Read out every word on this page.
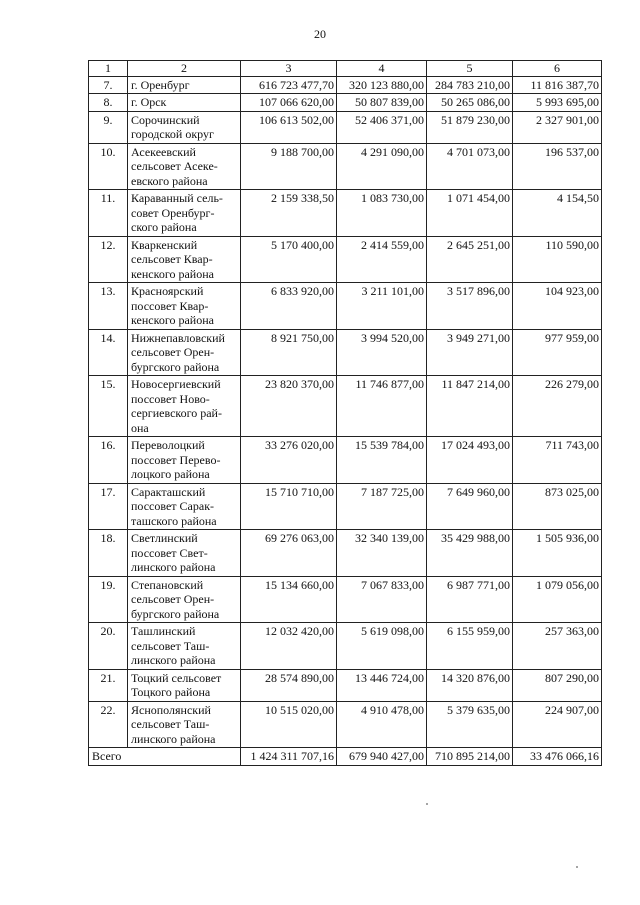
20
1	2	3	4	5	6
7.	г. Оренбург	616 723 477,70	320 123 880,00	284 783 210,00	11 816 387,70
8.	г. Орск	107 066 620,00	50 807 839,00	50 265 086,00	5 993 695,00
9.	Сорочинский
городской округ	106 613 502,00	52 406 371,00	51 879 230,00	2 327 901,00
10.	Асекеевский
сельсовет Асеке-
евского района	9 188 700,00	4 291 090,00	4 701 073,00	196 537,00
11.	Караванный сель-
совет Оренбург-
ского района	2 159 338,50	1 083 730,00	1 071 454,00	4 154,50
12.	Кваркенский
сельсовет Квар-
кенского района	5 170 400,00	2 414 559,00	2 645 251,00	110 590,00
13.	Красноярский
поссовет Квар-
кенского района	6 833 920,00	3 211 101,00	3 517 896,00	104 923,00
14.	Нижнепавловский
сельсовет Орен-
бургского района	8 921 750,00	3 994 520,00	3 949 271,00	977 959,00
15.	Новосергиевский
поссовет Ново-
сергиевского рай-
она	23 820 370,00	11 746 877,00	11 847 214,00	226 279,00
16.	Переволоцкий
поссовет Перево-
лоцкого района	33 276 020,00	15 539 784,00	17 024 493,00	711 743,00
17.	Саракташский
поссовет Сарак-
ташского района	15 710 710,00	7 187 725,00	7 649 960,00	873 025,00
18.	Светлинский
поссовет Свет-
линского района	69 276 063,00	32 340 139,00	35 429 988,00	1 505 936,00
19.	Степановский
сельсовет Орен-
бургского района	15 134 660,00	7 067 833,00	6 987 771,00	1 079 056,00
20.	Ташлинский
сельсовет Таш-
линского района	12 032 420,00	5 619 098,00	6 155 959,00	257 363,00
21.	Тоцкий сельсовет
Тоцкого района	28 574 890,00	13 446 724,00	14 320 876,00	807 290,00
22.	Яснополянский
сельсовет Таш-
линского района	10 515 020,00	4 910 478,00	5 379 635,00	224 907,00
Всего		1 424 311 707,16	679 940 427,00	710 895 214,00	33 476 066,16
